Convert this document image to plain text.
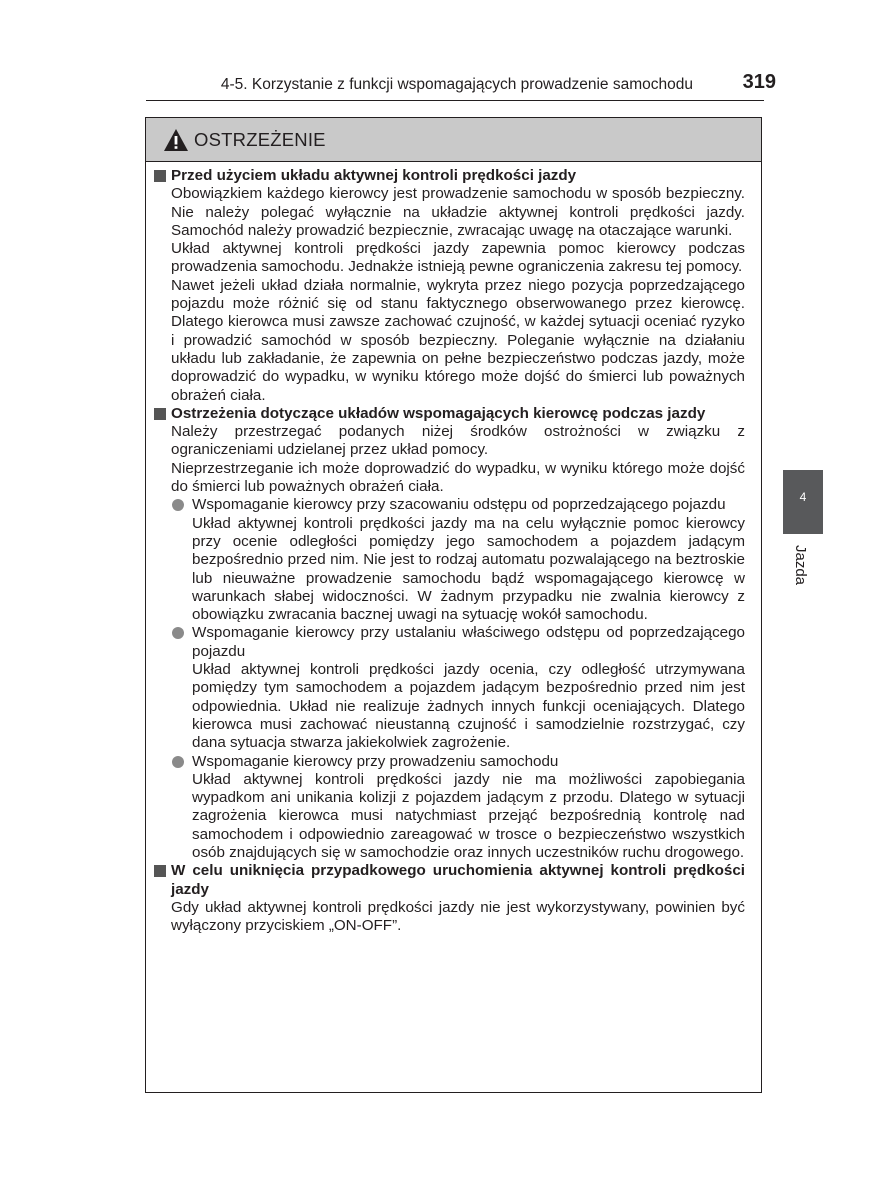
4-5. Korzystanie z funkcji wspomagających prowadzenie samochodu	319
OSTRZEŻENIE
Przed użyciem układu aktywnej kontroli prędkości jazdy

Obowiązkiem każdego kierowcy jest prowadzenie samochodu w sposób bezpieczny. Nie należy polegać wyłącznie na układzie aktywnej kontroli prędkości jazdy. Samochód należy prowadzić bezpiecznie, zwracając uwagę na otaczające warunki.

Układ aktywnej kontroli prędkości jazdy zapewnia pomoc kierowcy podczas prowadzenia samochodu. Jednakże istnieją pewne ograniczenia zakresu tej pomocy.

Nawet jeżeli układ działa normalnie, wykryta przez niego pozycja poprzedzającego pojazdu może różnić się od stanu faktycznego obserwowanego przez kierowcę. Dlatego kierowca musi zawsze zachować czujność, w każdej sytuacji oceniać ryzyko i prowadzić samochód w sposób bezpieczny. Poleganie wyłącznie na działaniu układu lub zakładanie, że zapewnia on pełne bezpieczeństwo podczas jazdy, może doprowadzić do wypadku, w wyniku którego może dojść do śmierci lub poważnych obrażeń ciała.

Ostrzeżenia dotyczące układów wspomagających kierowcę podczas jazdy

Należy przestrzegać podanych niżej środków ostrożności w związku z ograniczeniami udzielanej przez układ pomocy.

Nieprzestrzeganie ich może doprowadzić do wypadku, w wyniku którego może dojść do śmierci lub poważnych obrażeń ciała.

Wspomaganie kierowcy przy szacowaniu odstępu od poprzedzającego pojazdu
Układ aktywnej kontroli prędkości jazdy ma na celu wyłącznie pomoc kierowcy przy ocenie odległości pomiędzy jego samochodem a pojazdem jadącym bezpośrednio przed nim. Nie jest to rodzaj automatu pozwalającego na beztroskie lub nieuważne prowadzenie samochodu bądź wspomagającego kierowcę w warunkach słabej widoczności. W żadnym przypadku nie zwalnia kierowcy z obowiązku zwracania bacznej uwagi na sytuację wokół samochodu.
Wspomaganie kierowcy przy ustalaniu właściwego odstępu od poprzedzającego pojazdu
Układ aktywnej kontroli prędkości jazdy ocenia, czy odległość utrzymywana pomiędzy tym samochodem a pojazdem jadącym bezpośrednio przed nim jest odpowiednia. Układ nie realizuje żadnych innych funkcji oceniających. Dlatego kierowca musi zachować nieustanną czujność i samodzielnie rozstrzygać, czy dana sytuacja stwarza jakiekolwiek zagrożenie.
Wspomaganie kierowcy przy prowadzeniu samochodu
Układ aktywnej kontroli prędkości jazdy nie ma możliwości zapobiegania wypadkom ani unikania kolizji z pojazdem jadącym z przodu. Dlatego w sytuacji zagrożenia kierowca musi natychmiast przejąć bezpośrednią kontrolę nad samochodem i odpowiednio zareagować w trosce o bezpieczeństwo wszystkich osób znajdujących się w samochodzie oraz innych uczestników ruchu drogowego.
W celu uniknięcia przypadkowego uruchomienia aktywnej kontroli prędkości jazdy

Gdy układ aktywnej kontroli prędkości jazdy nie jest wykorzystywany, powinien być wyłączony przyciskiem „ON-OFF”.

4
Jazda
